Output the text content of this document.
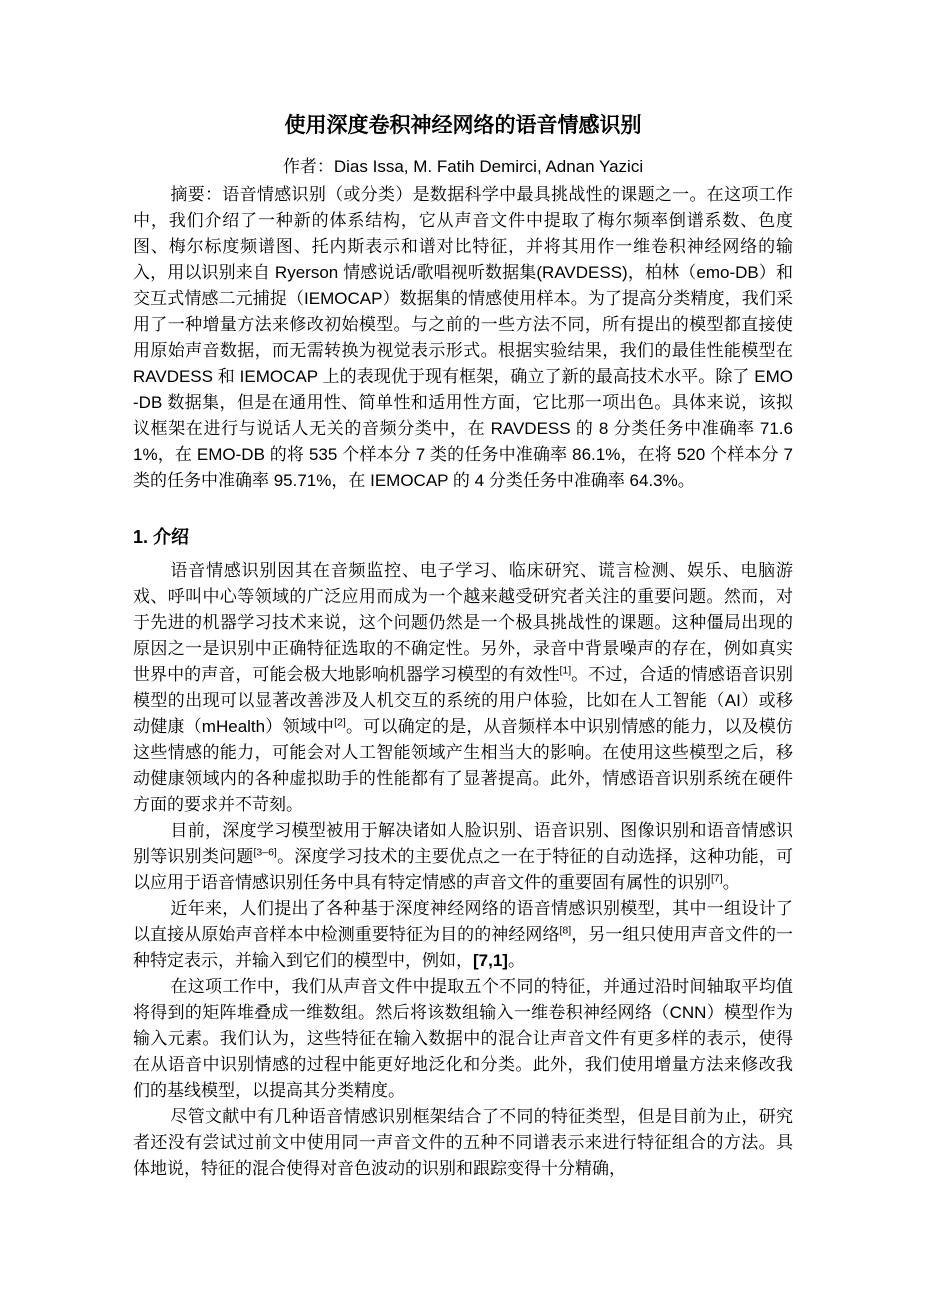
使用深度卷积神经网络的语音情感识别

作者：Dias Issa, M. Fatih Demirci, Adnan Yazici

摘要：语音情感识别（或分类）是数据科学中最具挑战性的课题之一。在这项工作中，我们介绍了一种新的体系结构，它从声音文件中提取了梅尔频率倒谱系数、色度图、梅尔标度频谱图、托内斯表示和谱对比特征，并将其用作一维卷积神经网络的输入，用以识别来自 Ryerson 情感说话/歌唱视听数据集(RAVDESS)，柏林（emo-DB）和交互式情感二元捕捉（IEMOCAP）数据集的情感使用样本。为了提高分类精度，我们采用了一种增量方法来修改初始模型。与之前的一些方法不同，所有提出的模型都直接使用原始声音数据，而无需转换为视觉表示形式。根据实验结果，我们的最佳性能模型在 RAVDESS 和 IEMOCAP 上的表现优于现有框架，确立了新的最高技术水平。除了 EMO-DB 数据集，但是在通用性、简单性和适用性方面，它比那一项出色。具体来说，该拟议框架在进行与说话人无关的音频分类中，在 RAVDESS 的 8 分类任务中准确率 71.61%，在 EMO-DB 的将 535 个样本分 7 类的任务中准确率 86.1%，在将 520 个样本分 7 类的任务中准确率 95.71%，在 IEMOCAP 的 4 分类任务中准确率 64.3%。

1. 介绍

语音情感识别因其在音频监控、电子学习、临床研究、谎言检测、娱乐、电脑游戏、呼叫中心等领域的广泛应用而成为一个越来越受研究者关注的重要问题。然而，对于先进的机器学习技术来说，这个问题仍然是一个极具挑战性的课题。这种僵局出现的原因之一是识别中正确特征选取的不确定性。另外，录音中背景噪声的存在，例如真实世界中的声音，可能会极大地影响机器学习模型的有效性[1]。不过，合适的情感语音识别模型的出现可以显著改善涉及人机交互的系统的用户体验，比如在人工智能（AI）或移动健康（mHealth）领域中[2]。可以确定的是，从音频样本中识别情感的能力，以及模仿这些情感的能力，可能会对人工智能领域产生相当大的影响。在使用这些模型之后，移动健康领域内的各种虚拟助手的性能都有了显著提高。此外，情感语音识别系统在硬件方面的要求并不苛刻。

目前，深度学习模型被用于解决诸如人脸识别、语音识别、图像识别和语音情感识别等识别类问题[3–6]。深度学习技术的主要优点之一在于特征的自动选择，这种功能，可以应用于语音情感识别任务中具有特定情感的声音文件的重要固有属性的识别[7]。

近年来，人们提出了各种基于深度神经网络的语音情感识别模型，其中一组设计了以直接从原始声音样本中检测重要特征为目的的神经网络[8]，另一组只使用声音文件的一种特定表示，并输入到它们的模型中，例如，[7,1]。

在这项工作中，我们从声音文件中提取五个不同的特征，并通过沿时间轴取平均值将得到的矩阵堆叠成一维数组。然后将该数组输入一维卷积神经网络（CNN）模型作为输入元素。我们认为，这些特征在输入数据中的混合让声音文件有更多样的表示，使得在从语音中识别情感的过程中能更好地泛化和分类。此外，我们使用增量方法来修改我们的基线模型，以提高其分类精度。

尽管文献中有几种语音情感识别框架结合了不同的特征类型，但是目前为止，研究者还没有尝试过前文中使用同一声音文件的五种不同谱表示来进行特征组合的方法。具体地说，特征的混合使得对音色波动的识别和跟踪变得十分精确，
